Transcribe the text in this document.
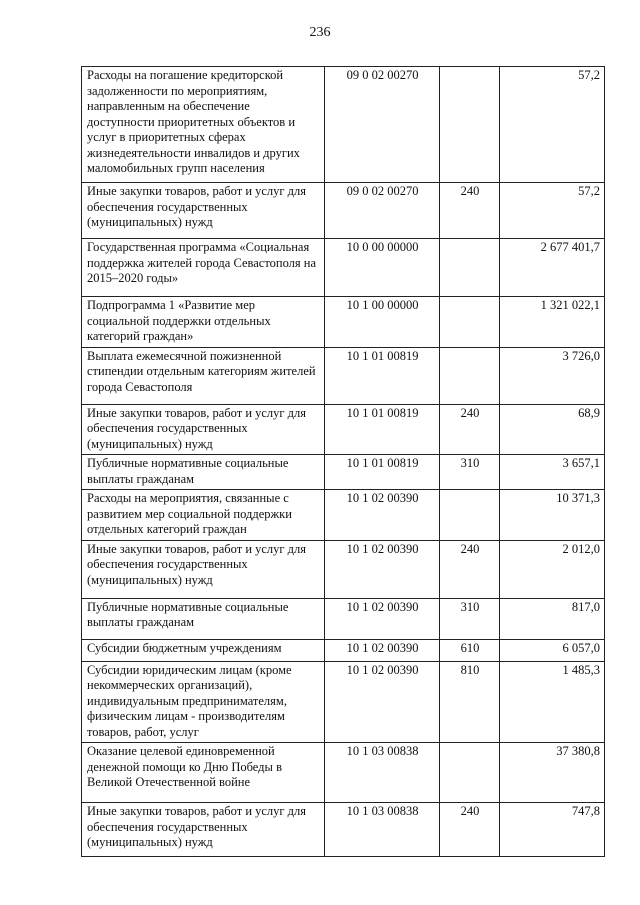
236
Расходы на погашение кредиторской задолженности по мероприятиям, направленным на обеспечение доступности приоритетных объектов и услуг в приоритетных сферах жизнедеятельности инвалидов и других маломобильных групп населения	09 0 02 00270		57,2
Иные закупки товаров, работ и услуг для обеспечения государственных (муниципальных) нужд	09 0 02 00270	240	57,2
Государственная программа «Социальная поддержка жителей города Севастополя на 2015–2020 годы»	10 0 00 00000		2 677 401,7
Подпрограмма 1 «Развитие мер социальной поддержки отдельных категорий граждан»	10 1 00 00000		1 321 022,1
Выплата ежемесячной пожизненной стипендии отдельным категориям жителей города Севастополя	10 1 01 00819		3 726,0
Иные закупки товаров, работ и услуг для обеспечения государственных (муниципальных) нужд	10 1 01 00819	240	68,9
Публичные нормативные социальные выплаты гражданам	10 1 01 00819	310	3 657,1
Расходы на мероприятия, связанные с развитием мер социальной поддержки отдельных категорий граждан	10 1 02 00390		10 371,3
Иные закупки товаров, работ и услуг для обеспечения государственных (муниципальных) нужд	10 1 02 00390	240	2 012,0
Публичные нормативные социальные выплаты гражданам	10 1 02 00390	310	817,0
Субсидии бюджетным учреждениям	10 1 02 00390	610	6 057,0
Субсидии юридическим лицам (кроме некоммерческих организаций), индивидуальным предпринимателям, физическим лицам - производителям товаров, работ, услуг	10 1 02 00390	810	1 485,3
Оказание целевой единовременной денежной помощи ко Дню Победы в Великой Отечественной войне	10 1 03 00838		37 380,8
Иные закупки товаров, работ и услуг для обеспечения государственных (муниципальных) нужд	10 1 03 00838	240	747,8
